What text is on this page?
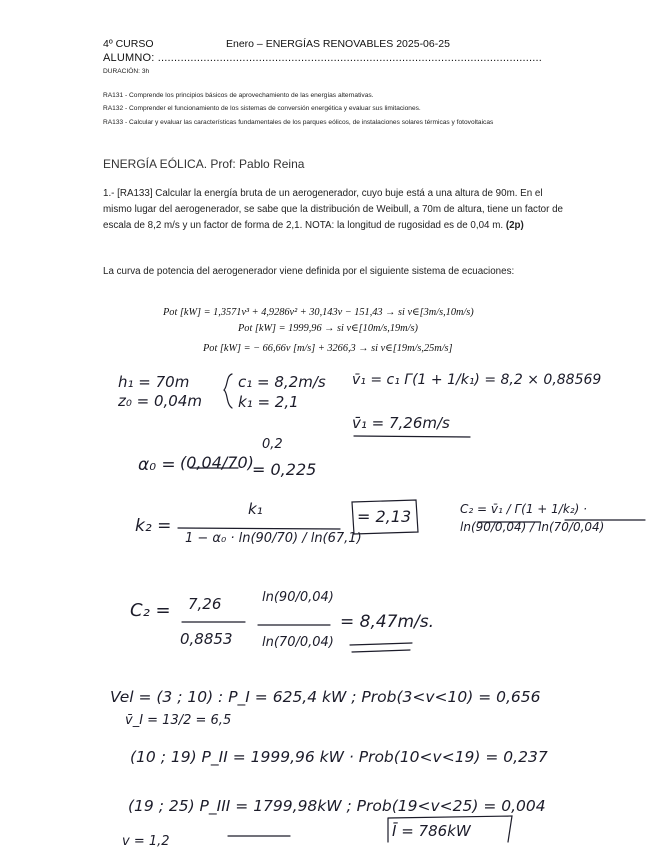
4º CURSO	Enero – ENERGÍAS RENOVABLES 2025-06-25
ALUMNO: ......................................................................................................................
DURACIÓN: 3h
RA131 - Comprende los principios básicos de aprovechamiento de las energías alternativas.
RA132 - Comprender el funcionamiento de los sistemas de conversión energética y evaluar sus limitaciones.
RA133 - Calcular y evaluar las características fundamentales de los parques eólicos, de instalaciones solares térmicas y fotovoltaicas
ENERGÍA EÓLICA. Prof: Pablo Reina
1.- [RA133] Calcular la energía bruta de un aerogenerador, cuyo buje está a una altura de 90m. En el mismo lugar del aerogenerador, se sabe que la distribución de Weibull, a 70m de altura, tiene un factor de escala de 8,2 m/s y un factor de forma de 2,1. NOTA: la longitud de rugosidad es de 0,04 m. (2p)
La curva de potencia del aerogenerador viene definida por el siguiente sistema de ecuaciones:
Pot [kW] = 1,3571v³ + 4,9286v² + 30,143v − 151,43 → si v∈[3m/s,10m/s)
Pot [kW] = 1999,96 → si v∈[10m/s,19m/s)
Pot [kW] = − 66,66v [m/s] + 3266,3 → si v∈[19m/s,25m/s]
h₁ = 70m
z₀ = 0,04m
c₁ = 8,2m/s
k₁ = 2,1
v̄₁ = c₁ Γ(1 + 1/k₁) = 8,2 × 0,88569
v̄₁ = 7,26m/s
α₀ = (0,04/70)
0,2
= 0,225
k₂ =
k₁
1 − α₀ · ln(90/70) / ln(67,1)
= 2,13	C₂ = v̄₁ / Γ(1 + 1/k₂) · ln(90/0,04) / ln(70/0,04)
C₂ = 7,26
0,8853
ln(90/0,04)
ln(70/0,04)
= 8,47m/s.
Vel = (3 ; 10) : P_I = 625,4 kW ; Prob(3<v<10) = 0,656
v̄_I = 13/2 = 6,5
(10 ; 19) P_II = 1999,96 kW · Prob(10<v<19) = 0,237
(19 ; 25) P_III = 1799,98kW ; Prob(19<v<25) = 0,004
Ī = 786kW
v = 1,2
